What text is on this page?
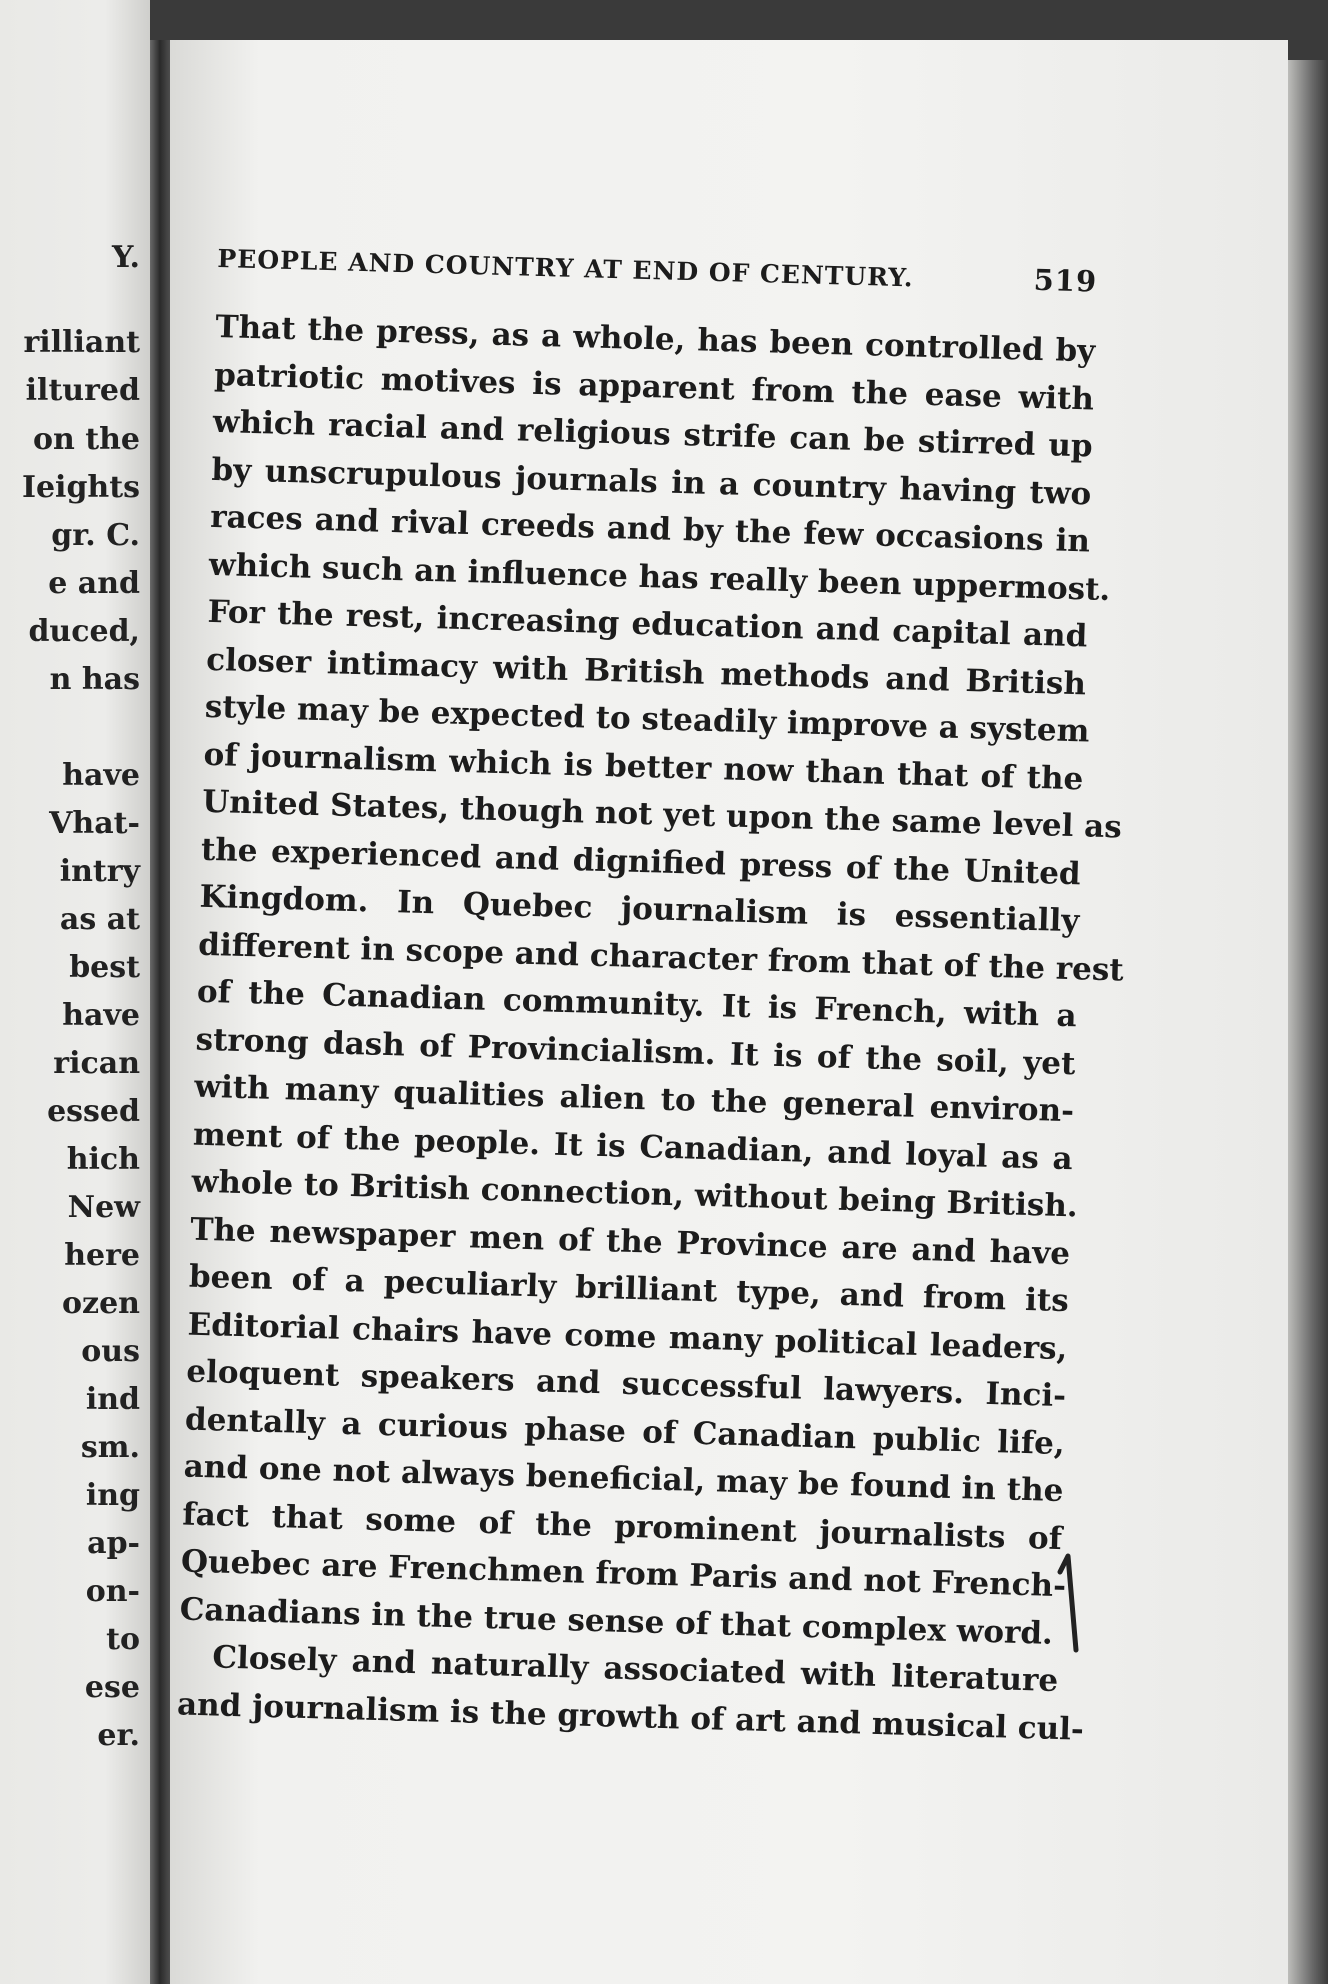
Y.

rilliant

iltured

on the

Ieights

gr. C.

e and

duced,

n has

have

Vhat-

intry

as at

best

have

rican

essed

hich

New

here

ozen

ous

ind

sm.

ing

ap-

on-

to

ese

er.

PEOPLE AND COUNTRY AT END OF CENTURY.	519

That the press, as a whole, has been controlled by

patriotic motives is apparent from the ease with

which racial and religious strife can be stirred up

by unscrupulous journals in a country having two

races and rival creeds and by the few occasions in

which such an influence has really been uppermost.

For the rest, increasing education and capital and

closer intimacy with British methods and British

style may be expected to steadily improve a system

of journalism which is better now than that of the

United States, though not yet upon the same level as

the experienced and dignified press of the United

Kingdom. In Quebec journalism is essentially

different in scope and character from that of the rest

of the Canadian community. It is French, with a

strong dash of Provincialism. It is of the soil, yet

with many qualities alien to the general environ-

ment of the people. It is Canadian, and loyal as a

whole to British connection, without being British.

The newspaper men of the Province are and have

been of a peculiarly brilliant type, and from its

Editorial chairs have come many political leaders,

eloquent speakers and successful lawyers. Inci-

dentally a curious phase of Canadian public life,

and one not always beneficial, may be found in the

fact that some of the prominent journalists of

Quebec are Frenchmen from Paris and not French-

Canadians in the true sense of that complex word.

Closely and naturally associated with literature

and journalism is the growth of art and musical cul-
